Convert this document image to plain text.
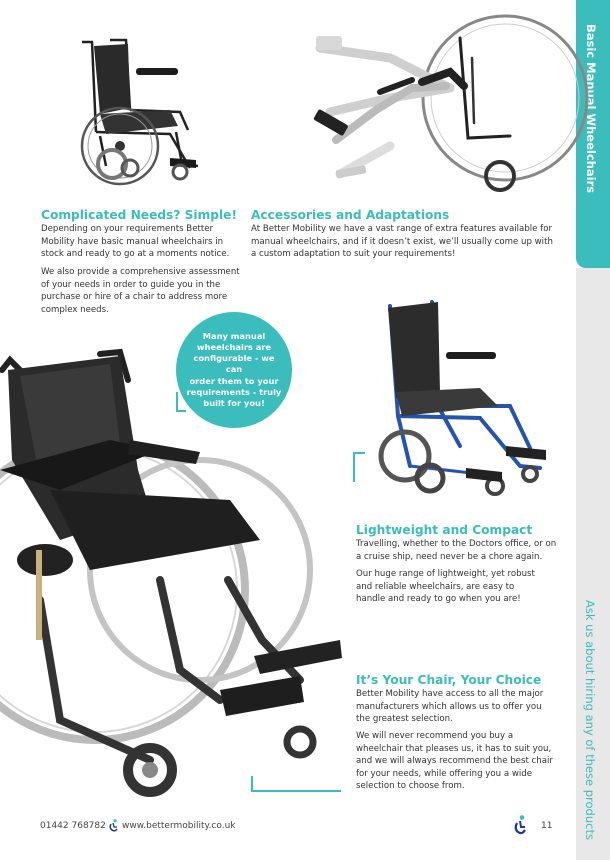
Basic Manual Wheelchairs
Ask us about hiring any of these products
Complicated Needs? Simple!
Depending on your requirements Better
Mobility have basic manual wheelchairs in
stock and ready to go at a moments notice.
We also provide a comprehensive assessment
of your needs in order to guide you in the
purchase or hire of a chair to address more
complex needs.
Accessories and Adaptations
At Better Mobility we have a vast range of extra features available for
manual wheelchairs, and if it doesn’t exist, we’ll usually come up with
a custom adaptation to suit your requirements!
Many manual
wheelchairs are
configurable - we can
order them to your
requirements - truly
built for you!
Lightweight and Compact
Travelling, whether to the Doctors office, or on
a cruise ship, need never be a chore again.
Our huge range of lightweight, yet robust
and reliable wheelchairs, are easy to
handle and ready to go when you are!
It’s Your Chair, Your Choice
Better Mobility have access to all the major
manufacturers which allows us to offer you
the greatest selection.
We will never recommend you buy a
wheelchair that pleases us, it has to suit you,
and we will always recommend the best chair
for your needs, while offering you a wide
selection to choose from.
01442 768782 www.bettermobility.co.uk	11
